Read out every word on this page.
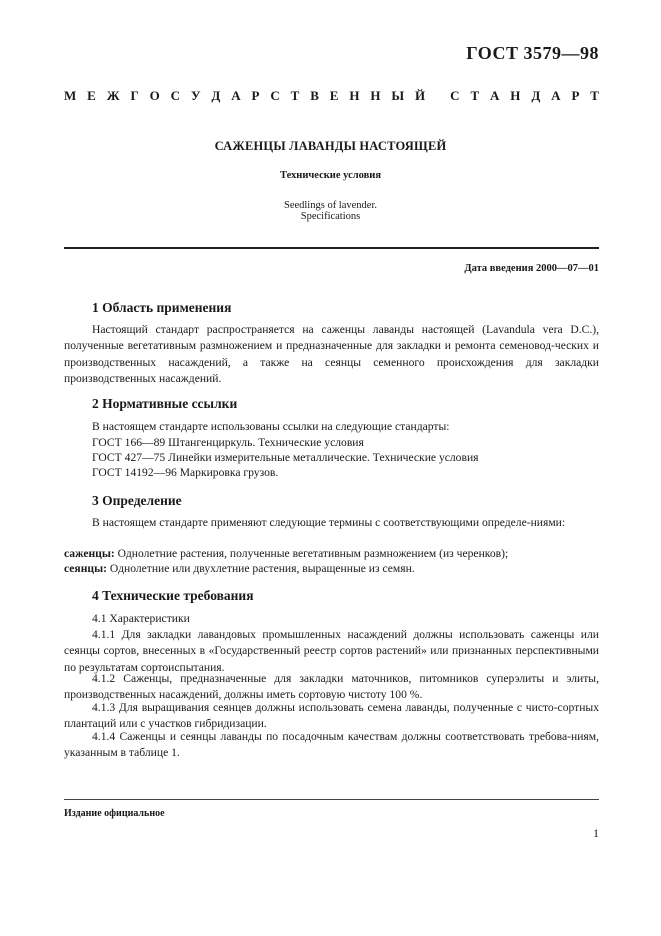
ГОСТ 3579—98
М Е Ж Г О С У Д А Р С Т В Е Н Н Ы Й
С Т А Н Д А Р Т
САЖЕНЦЫ ЛАВАНДЫ НАСТОЯЩЕЙ
Технические условия
Seedlings of lavender.
Specifications
Дата введения 2000—07—01
1 Область применения

Настоящий стандарт распространяется на саженцы лаванды настоящей (Lavandula vera D.C.), полученные вегетативным размножением и предназначенные для закладки и ремонта семеновод-ческих и производственных насаждений, а также на сеянцы семенного происхождения для закладки производственных насаждений.

2 Нормативные ссылки
В настоящем стандарте использованы ссылки на следующие стандарты:
ГОСТ 166—89 Штангенциркуль. Технические условия
ГОСТ 427—75 Линейки измерительные металлические. Технические условия
ГОСТ 14192—96 Маркировка грузов.
3 Определение

В настоящем стандарте применяют следующие термины с соответствующими определе-ниями:

саженцы: Однолетние растения, полученные вегетативным размножением (из черенков);
сеянцы: Однолетние или двухлетние растения, выращенные из семян.
4 Технические требования
4.1 Характеристики

4.1.1 Для закладки лавандовых промышленных насаждений должны использовать саженцы или сеянцы сортов, внесенных в «Государственный реестр сортов растений» или признанных перспективными по результатам сортоиспытания.

4.1.2 Саженцы, предназначенные для закладки маточников, питомников суперэлиты и элиты, производственных насаждений, должны иметь сортовую чистоту 100 %.

4.1.3 Для выращивания сеянцев должны использовать семена лаванды, полученные с чисто-сортных плантаций или с участков гибридизации.

4.1.4 Саженцы и сеянцы лаванды по посадочным качествам должны соответствовать требова-ниям, указанным в таблице 1.

Издание официальное
1
